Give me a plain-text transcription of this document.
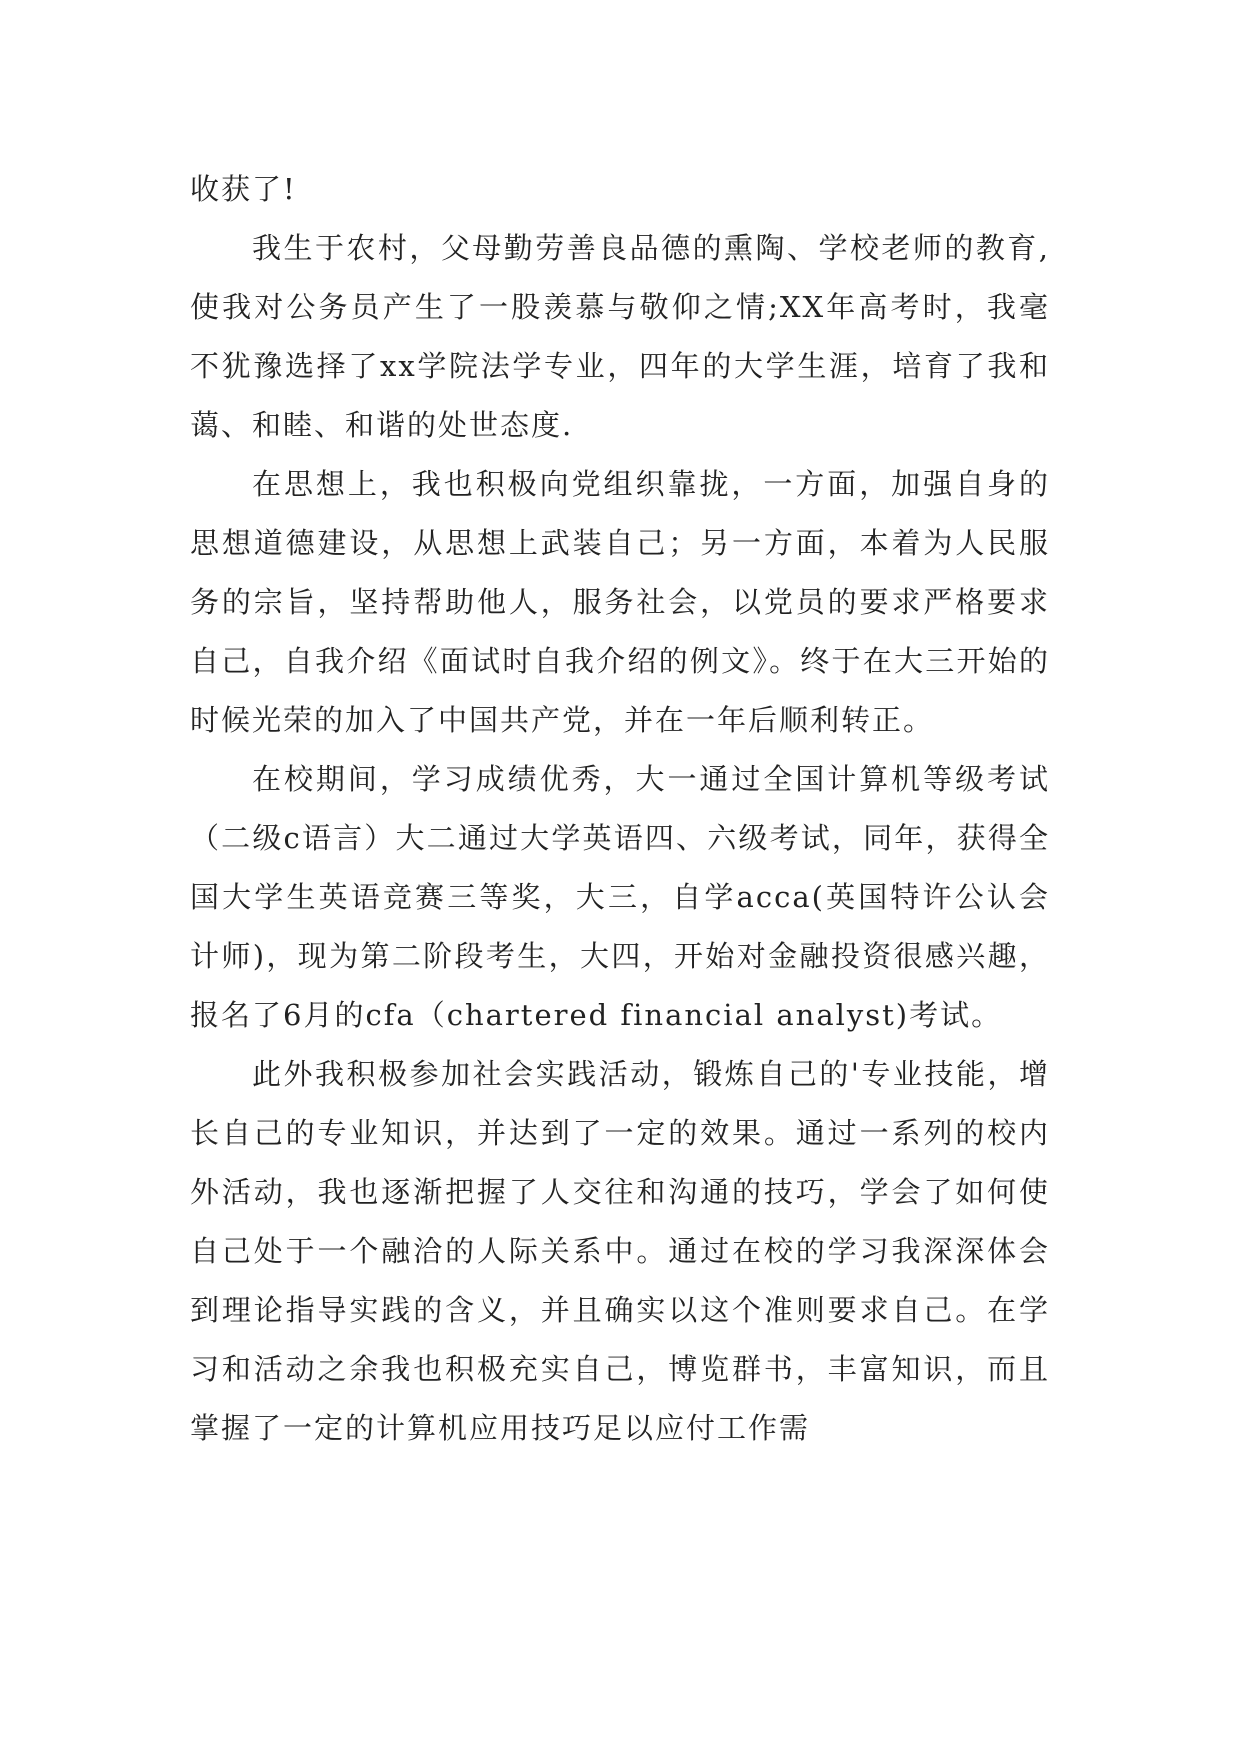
收获了!

我生于农村，父母勤劳善良品德的熏陶、学校老师的教育,使我对公务员产生了一股羡慕与敬仰之情;XX年高考时，我毫不犹豫选择了xx学院法学专业，四年的大学生涯，培育了我和蔼、和睦、和谐的处世态度.

在思想上，我也积极向党组织靠拢，一方面，加强自身的思想道德建设，从思想上武装自己；另一方面，本着为人民服务的宗旨，坚持帮助他人，服务社会，以党员的要求严格要求自己，自我介绍《面试时自我介绍的例文》。终于在大三开始的时候光荣的加入了中国共产党，并在一年后顺利转正。

在校期间，学习成绩优秀，大一通过全国计算机等级考试（二级c语言）大二通过大学英语四、六级考试，同年，获得全国大学生英语竞赛三等奖，大三，自学acca(英国特许公认会计师)，现为第二阶段考生，大四，开始对金融投资很感兴趣，报名了6月的cfa（chartered financial analyst)考试。

此外我积极参加社会实践活动，锻炼自己的'专业技能，增长自己的专业知识，并达到了一定的效果。通过一系列的校内外活动，我也逐渐把握了人交往和沟通的技巧，学会了如何使自己处于一个融洽的人际关系中。通过在校的学习我深深体会到理论指导实践的含义，并且确实以这个准则要求自己。在学习和活动之余我也积极充实自己，博览群书，丰富知识，而且掌握了一定的计算机应用技巧足以应付工作需
